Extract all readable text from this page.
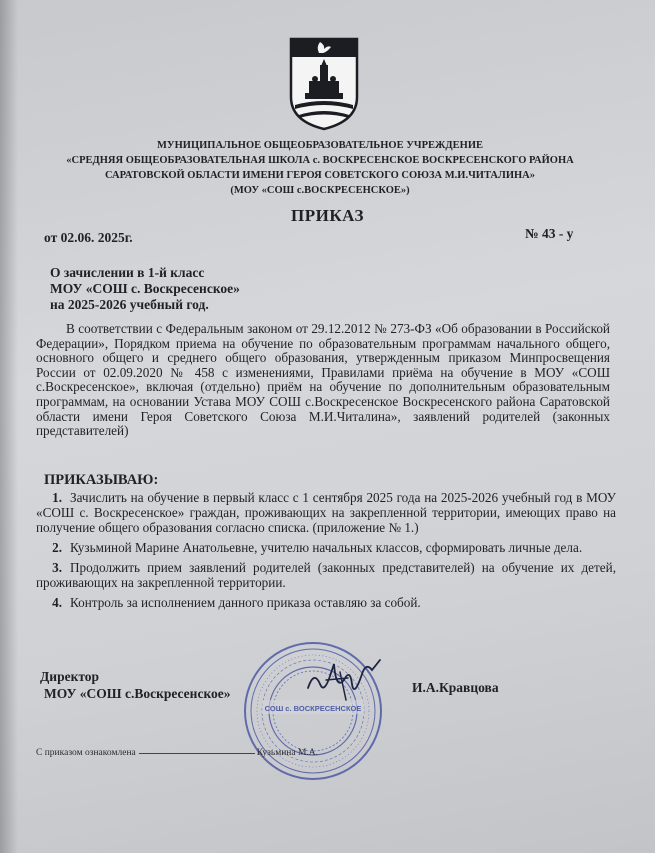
МУНИЦИПАЛЬНОЕ ОБЩЕОБРАЗОВАТЕЛЬНОЕ УЧРЕЖДЕНИЕ
«СРЕДНЯЯ ОБЩЕОБРАЗОВАТЕЛЬНАЯ ШКОЛА с. ВОСКРЕСЕНСКОЕ ВОСКРЕСЕНСКОГО РАЙОНА
САРАТОВСКОЙ ОБЛАСТИ ИМЕНИ ГЕРОЯ СОВЕТСКОГО СОЮЗА М.И.ЧИТАЛИНА»
(МОУ «СОШ с.ВОСКРЕСЕНСКОЕ»)
ПРИКАЗ
от 02.06. 2025г.	№ 43 - у
О зачислении в 1-й класс
МОУ «СОШ с. Воскресенское»
на 2025-2026 учебный год.

В соответствии с Федеральным законом от 29.12.2012 № 273-ФЗ «Об образовании в Российской Федерации», Порядком приема на обучение по образовательным программам начального общего, основного общего и среднего общего образования, утвержденным приказом Минпросвещения России от 02.09.2020 № 458 с изменениями, Правилами приёма на обучение в МОУ «СОШ с.Воскресенское», включая (отдельно) приём на обучение по дополнительным образовательным программам, на основании Устава МОУ СОШ с.Воскресенское Воскресенского района Саратовской области имени Героя Советского Союза М.И.Читалина», заявлений родителей (законных представителей)

ПРИКАЗЫВАЮ:
1. Зачислить на обучение в первый класс с 1 сентября 2025 года на 2025-2026 учебный год в МОУ «СОШ с. Воскресенское» граждан, проживающих на закрепленной территории, имеющих право на получение общего образования согласно списка. (приложение № 1.)
2. Кузьминой Марине Анатольевне, учителю начальных классов, сформировать личные дела.
3. Продолжить прием заявлений родителей (законных представителей) на обучение их детей, проживающих на закрепленной территории.
4. Контроль за исполнением данного приказа оставляю за собой.
СОШ с. ВОСКРЕСЕНСКОЕ
Директор
МОУ «СОШ с.Воскресенское»	И.А.Кравцова
С приказом ознакомлена	Кузьмина М.А.
